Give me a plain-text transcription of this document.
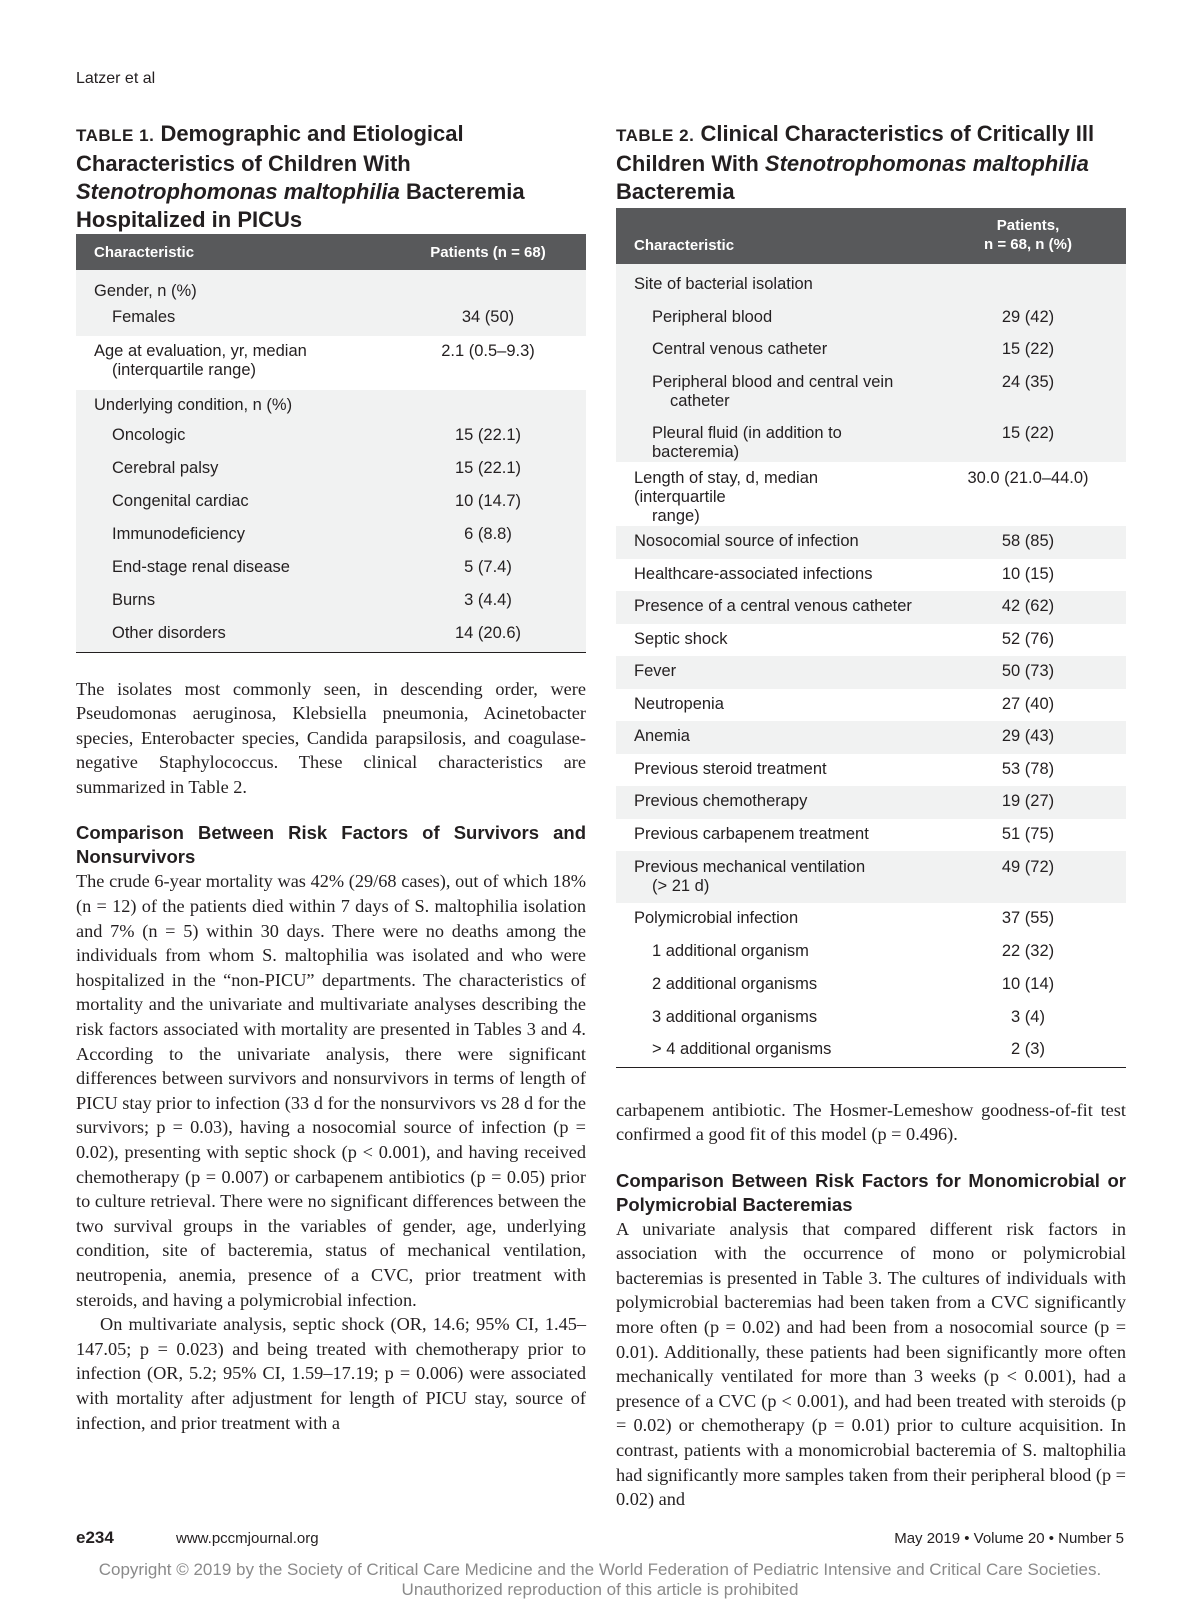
Latzer et al
TABLE 1. Demographic and Etiological Characteristics of Children With Stenotrophomonas maltophilia Bacteremia Hospitalized in PICUs
Characteristic	Patients (n = 68)
Gender, n (%)	
Females	34 (50)
Age at evaluation, yr, median
(interquartile range)	2.1 (0.5–9.3)
Underlying condition, n (%)	
Oncologic	15 (22.1)
Cerebral palsy	15 (22.1)
Congenital cardiac	10 (14.7)
Immunodeficiency	6 (8.8)
End-stage renal disease	5 (7.4)
Burns	3 (4.4)
Other disorders	14 (20.6)

The isolates most commonly seen, in descending order, were Pseudomonas aeruginosa, Klebsiella pneumonia, Acinetobacter species, Enterobacter species, Candida parapsilosis, and coagulase-negative Staphylococcus. These clinical characteristics are summarized in Table 2.

Comparison Between Risk Factors of Survivors and Nonsurvivors

The crude 6-year mortality was 42% (29/68 cases), out of which 18% (n = 12) of the patients died within 7 days of S. maltophilia isolation and 7% (n = 5) within 30 days. There were no deaths among the individuals from whom S. maltophilia was isolated and who were hospitalized in the “non-PICU” departments. The characteristics of mortality and the univariate and multivariate analyses describing the risk factors associated with mortality are presented in Tables 3 and 4. According to the univariate analysis, there were significant differences between survivors and nonsurvivors in terms of length of PICU stay prior to infection (33 d for the nonsurvivors vs 28 d for the survivors; p = 0.03), having a nosocomial source of infection (p = 0.02), presenting with septic shock (p < 0.001), and having received chemotherapy (p = 0.007) or carbapenem antibiotics (p = 0.05) prior to culture retrieval. There were no significant differences between the two survival groups in the variables of gender, age, underlying condition, site of bacteremia, status of mechanical ventilation, neutropenia, anemia, presence of a CVC, prior treatment with steroids, and having a polymicrobial infection.

On multivariate analysis, septic shock (OR, 14.6; 95% CI, 1.45–147.05; p = 0.023) and being treated with chemotherapy prior to infection (OR, 5.2; 95% CI, 1.59–17.19; p = 0.006) were associated with mortality after adjustment for length of PICU stay, source of infection, and prior treatment with a

TABLE 2. Clinical Characteristics of Critically Ill Children With Stenotrophomonas maltophilia Bacteremia
Characteristic	Patients,
n = 68, n (%)
Site of bacterial isolation	
Peripheral blood	29 (42)
Central venous catheter	15 (22)
Peripheral blood and central vein
catheter	24 (35)
Pleural fluid (in addition to bacteremia)	15 (22)
Length of stay, d, median (interquartile
range)	30.0 (21.0–44.0)
Nosocomial source of infection	58 (85)
Healthcare-associated infections	10 (15)
Presence of a central venous catheter	42 (62)
Septic shock	52 (76)
Fever	50 (73)
Neutropenia	27 (40)
Anemia	29 (43)
Previous steroid treatment	53 (78)
Previous chemotherapy	19 (27)
Previous carbapenem treatment	51 (75)
Previous mechanical ventilation
(> 21 d)	49 (72)
Polymicrobial infection	37 (55)
1 additional organism	22 (32)
2 additional organisms	10 (14)
3 additional organisms	3 (4)
> 4 additional organisms	2 (3)

carbapenem antibiotic. The Hosmer-Lemeshow goodness-of-fit test confirmed a good fit of this model (p = 0.496).

Comparison Between Risk Factors for Monomicrobial or Polymicrobial Bacteremias

A univariate analysis that compared different risk factors in association with the occurrence of mono or polymicrobial bacteremias is presented in Table 3. The cultures of individuals with polymicrobial bacteremias had been taken from a CVC significantly more often (p = 0.02) and had been from a nosocomial source (p = 0.01). Additionally, these patients had been significantly more often mechanically ventilated for more than 3 weeks (p < 0.001), had a presence of a CVC (p < 0.001), and had been treated with steroids (p = 0.02) or chemotherapy (p = 0.01) prior to culture acquisition. In contrast, patients with a monomicrobial bacteremia of S. maltophilia had significantly more samples taken from their peripheral blood (p = 0.02) and

e234	www.pccmjournal.org	May 2019 • Volume 20 • Number 5
Copyright © 2019 by the Society of Critical Care Medicine and the World Federation of Pediatric Intensive and Critical Care Societies.
Unauthorized reproduction of this article is prohibited
